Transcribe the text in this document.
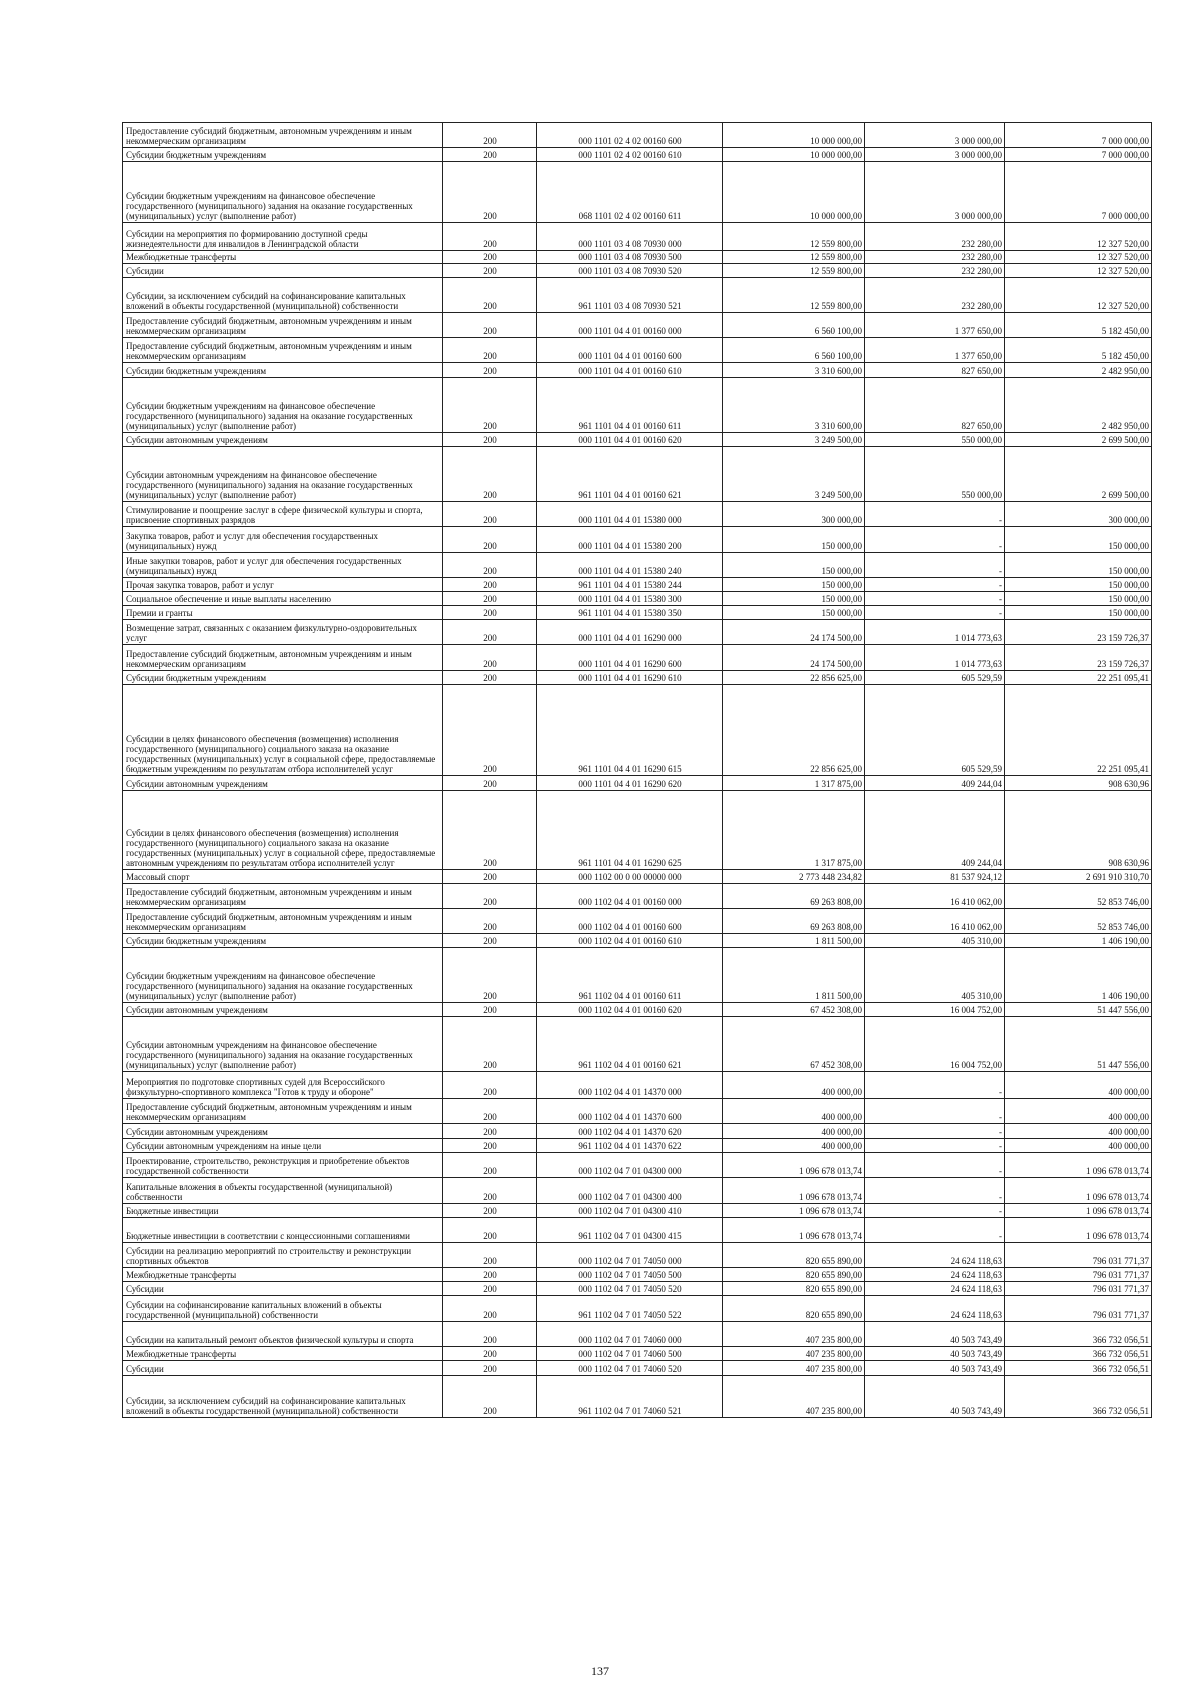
Предоставление субсидий бюджетным, автономным учреждениям и иным некоммерческим организациям	200	000 1101 02 4 02 00160 600	10 000 000,00	3 000 000,00	7 000 000,00
Субсидии бюджетным учреждениям	200	000 1101 02 4 02 00160 610	10 000 000,00	3 000 000,00	7 000 000,00
Субсидии бюджетным учреждениям на финансовое обеспечение государственного (муниципального) задания на оказание государственных (муниципальных) услуг (выполнение работ)	200	068 1101 02 4 02 00160 611	10 000 000,00	3 000 000,00	7 000 000,00
Субсидии на мероприятия по формированию доступной среды жизнедеятельности для инвалидов в Ленинградской области	200	000 1101 03 4 08 70930 000	12 559 800,00	232 280,00	12 327 520,00
Межбюджетные трансферты	200	000 1101 03 4 08 70930 500	12 559 800,00	232 280,00	12 327 520,00
Субсидии	200	000 1101 03 4 08 70930 520	12 559 800,00	232 280,00	12 327 520,00
Субсидии, за исключением субсидий на софинансирование капитальных вложений в объекты государственной (муниципальной) собственности	200	961 1101 03 4 08 70930 521	12 559 800,00	232 280,00	12 327 520,00
Предоставление субсидий бюджетным, автономным учреждениям и иным некоммерческим организациям	200	000 1101 04 4 01 00160 000	6 560 100,00	1 377 650,00	5 182 450,00
Предоставление субсидий бюджетным, автономным учреждениям и иным некоммерческим организациям	200	000 1101 04 4 01 00160 600	6 560 100,00	1 377 650,00	5 182 450,00
Субсидии бюджетным учреждениям	200	000 1101 04 4 01 00160 610	3 310 600,00	827 650,00	2 482 950,00
Субсидии бюджетным учреждениям на финансовое обеспечение государственного (муниципального) задания на оказание государственных (муниципальных) услуг (выполнение работ)	200	961 1101 04 4 01 00160 611	3 310 600,00	827 650,00	2 482 950,00
Субсидии автономным учреждениям	200	000 1101 04 4 01 00160 620	3 249 500,00	550 000,00	2 699 500,00
Субсидии автономным учреждениям на финансовое обеспечение государственного (муниципального) задания на оказание государственных (муниципальных) услуг (выполнение работ)	200	961 1101 04 4 01 00160 621	3 249 500,00	550 000,00	2 699 500,00
Стимулирование и поощрение заслуг в сфере физической культуры и спорта, присвоение спортивных разрядов	200	000 1101 04 4 01 15380 000	300 000,00	-	300 000,00
Закупка товаров, работ и услуг для обеспечения государственных (муниципальных) нужд	200	000 1101 04 4 01 15380 200	150 000,00	-	150 000,00
Иные закупки товаров, работ и услуг для обеспечения государственных (муниципальных) нужд	200	000 1101 04 4 01 15380 240	150 000,00	-	150 000,00
Прочая закупка товаров, работ и услуг	200	961 1101 04 4 01 15380 244	150 000,00	-	150 000,00
Социальное обеспечение и иные выплаты населению	200	000 1101 04 4 01 15380 300	150 000,00	-	150 000,00
Премии и гранты	200	961 1101 04 4 01 15380 350	150 000,00	-	150 000,00
Возмещение затрат, связанных с оказанием физкультурно-оздоровительных услуг	200	000 1101 04 4 01 16290 000	24 174 500,00	1 014 773,63	23 159 726,37
Предоставление субсидий бюджетным, автономным учреждениям и иным некоммерческим организациям	200	000 1101 04 4 01 16290 600	24 174 500,00	1 014 773,63	23 159 726,37
Субсидии бюджетным учреждениям	200	000 1101 04 4 01 16290 610	22 856 625,00	605 529,59	22 251 095,41
Субсидии в целях финансового обеспечения (возмещения) исполнения государственного (муниципального) социального заказа на оказание государственных (муниципальных) услуг в социальной сфере, предоставляемые бюджетным учреждениям по результатам отбора исполнителей услуг	200	961 1101 04 4 01 16290 615	22 856 625,00	605 529,59	22 251 095,41
Субсидии автономным учреждениям	200	000 1101 04 4 01 16290 620	1 317 875,00	409 244,04	908 630,96
Субсидии в целях финансового обеспечения (возмещения) исполнения государственного (муниципального) социального заказа на оказание государственных (муниципальных) услуг в социальной сфере, предоставляемые автономным учреждениям по результатам отбора исполнителей услуг	200	961 1101 04 4 01 16290 625	1 317 875,00	409 244,04	908 630,96
Массовый спорт	200	000 1102 00 0 00 00000 000	2 773 448 234,82	81 537 924,12	2 691 910 310,70
Предоставление субсидий бюджетным, автономным учреждениям и иным некоммерческим организациям	200	000 1102 04 4 01 00160 000	69 263 808,00	16 410 062,00	52 853 746,00
Предоставление субсидий бюджетным, автономным учреждениям и иным некоммерческим организациям	200	000 1102 04 4 01 00160 600	69 263 808,00	16 410 062,00	52 853 746,00
Субсидии бюджетным учреждениям	200	000 1102 04 4 01 00160 610	1 811 500,00	405 310,00	1 406 190,00
Субсидии бюджетным учреждениям на финансовое обеспечение государственного (муниципального) задания на оказание государственных (муниципальных) услуг (выполнение работ)	200	961 1102 04 4 01 00160 611	1 811 500,00	405 310,00	1 406 190,00
Субсидии автономным учреждениям	200	000 1102 04 4 01 00160 620	67 452 308,00	16 004 752,00	51 447 556,00
Субсидии автономным учреждениям на финансовое обеспечение государственного (муниципального) задания на оказание государственных (муниципальных) услуг (выполнение работ)	200	961 1102 04 4 01 00160 621	67 452 308,00	16 004 752,00	51 447 556,00
Мероприятия по подготовке спортивных судей для Всероссийского физкультурно-спортивного комплекса "Готов к труду и обороне"	200	000 1102 04 4 01 14370 000	400 000,00	-	400 000,00
Предоставление субсидий бюджетным, автономным учреждениям и иным некоммерческим организациям	200	000 1102 04 4 01 14370 600	400 000,00	-	400 000,00
Субсидии автономным учреждениям	200	000 1102 04 4 01 14370 620	400 000,00	-	400 000,00
Субсидии автономным учреждениям на иные цели	200	961 1102 04 4 01 14370 622	400 000,00	-	400 000,00
Проектирование, строительство, реконструкция и приобретение объектов государственной собственности	200	000 1102 04 7 01 04300 000	1 096 678 013,74	-	1 096 678 013,74
Капитальные вложения в объекты государственной (муниципальной) собственности	200	000 1102 04 7 01 04300 400	1 096 678 013,74	-	1 096 678 013,74
Бюджетные инвестиции	200	000 1102 04 7 01 04300 410	1 096 678 013,74	-	1 096 678 013,74
Бюджетные инвестиции в соответствии с концессионными соглашениями	200	961 1102 04 7 01 04300 415	1 096 678 013,74	-	1 096 678 013,74
Субсидии на реализацию мероприятий по строительству и реконструкции спортивных объектов	200	000 1102 04 7 01 74050 000	820 655 890,00	24 624 118,63	796 031 771,37
Межбюджетные трансферты	200	000 1102 04 7 01 74050 500	820 655 890,00	24 624 118,63	796 031 771,37
Субсидии	200	000 1102 04 7 01 74050 520	820 655 890,00	24 624 118,63	796 031 771,37
Субсидии на софинансирование капитальных вложений в объекты государственной (муниципальной) собственности	200	961 1102 04 7 01 74050 522	820 655 890,00	24 624 118,63	796 031 771,37
Субсидии на капитальный ремонт объектов физической культуры и спорта	200	000 1102 04 7 01 74060 000	407 235 800,00	40 503 743,49	366 732 056,51
Межбюджетные трансферты	200	000 1102 04 7 01 74060 500	407 235 800,00	40 503 743,49	366 732 056,51
Субсидии	200	000 1102 04 7 01 74060 520	407 235 800,00	40 503 743,49	366 732 056,51
Субсидии, за исключением субсидий на софинансирование капитальных вложений в объекты государственной (муниципальной) собственности	200	961 1102 04 7 01 74060 521	407 235 800,00	40 503 743,49	366 732 056,51
137
